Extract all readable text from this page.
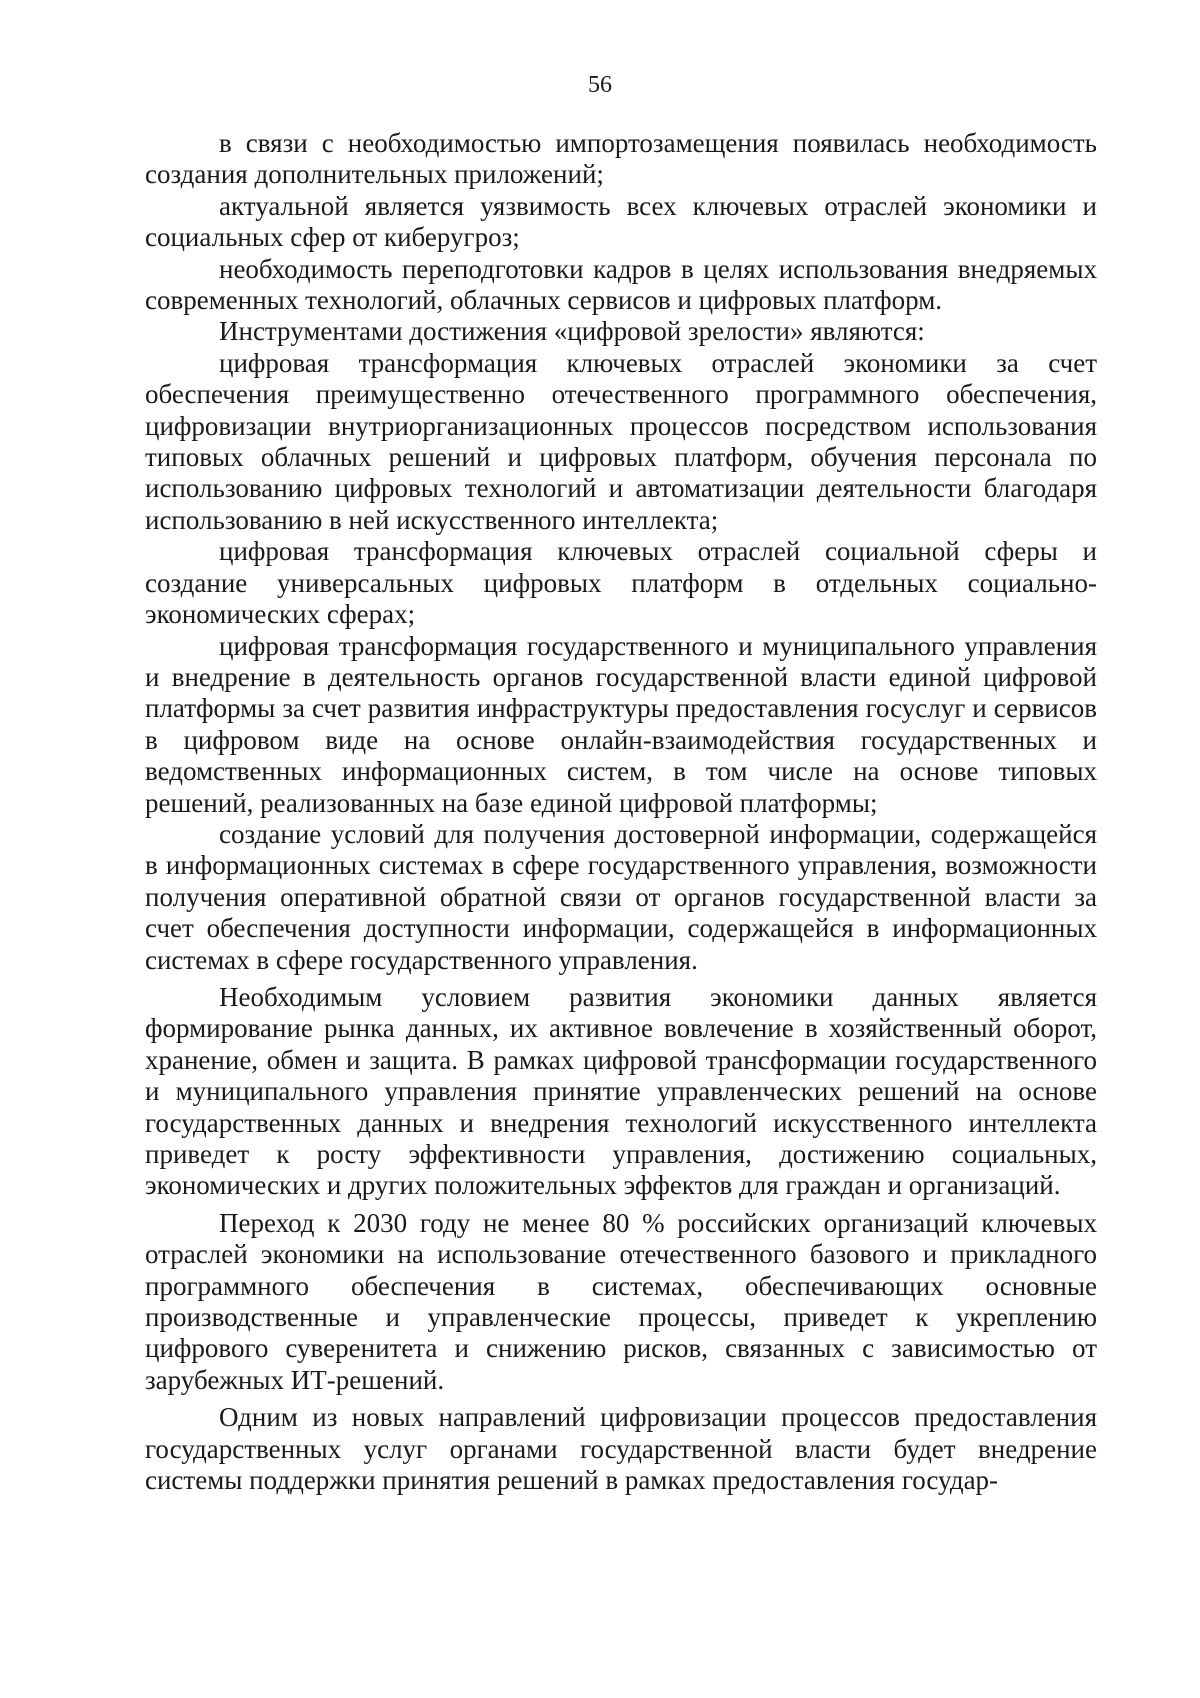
56

в связи с необходимостью импортозамещения появилась необходимость создания дополнительных приложений;

актуальной является уязвимость всех ключевых отраслей экономики и социальных сфер от киберугроз;

необходимость переподготовки кадров в целях использования внедряемых современных технологий, облачных сервисов и цифровых платформ.

Инструментами достижения «цифровой зрелости» являются:

цифровая трансформация ключевых отраслей экономики за счет обеспечения преимущественно отечественного программного обеспечения, цифровизации внутриорганизационных процессов посредством использования типовых облачных решений и цифровых платформ, обучения персонала по использованию цифровых технологий и автоматизации деятельности благодаря использованию в ней искусственного интеллекта;

цифровая трансформация ключевых отраслей социальной сферы и создание универсальных цифровых платформ в отдельных социально-экономических сферах;

цифровая трансформация государственного и муниципального управления и внедрение в деятельность органов государственной власти единой цифровой платформы за счет развития инфраструктуры предоставления госуслуг и сервисов в цифровом виде на основе онлайн-взаимодействия государственных и ведомственных информационных систем, в том числе на основе типовых решений, реализованных на базе единой цифровой платформы;

создание условий для получения достоверной информации, содержащейся в информационных системах в сфере государственного управления, возможности получения оперативной обратной связи от органов государственной власти за счет обеспечения доступности информации, содержащейся в информационных системах в сфере государственного управления.

Необходимым условием развития экономики данных является формирование рынка данных, их активное вовлечение в хозяйственный оборот, хранение, обмен и защита. В рамках цифровой трансформации государственного и муниципального управления принятие управленческих решений на основе государственных данных и внедрения технологий искусственного интеллекта приведет к росту эффективности управления, достижению социальных, экономических и других положительных эффектов для граждан и организаций.

Переход к 2030 году не менее 80 % российских организаций ключевых отраслей экономики на использование отечественного базового и прикладного программного обеспечения в системах, обеспечивающих основные производственные и управленческие процессы, приведет к укреплению цифрового суверенитета и снижению рисков, связанных с зависимостью от зарубежных ИТ-решений.

Одним из новых направлений цифровизации процессов предоставления государственных услуг органами государственной власти будет внедрение системы поддержки принятия решений в рамках предоставления государ-
